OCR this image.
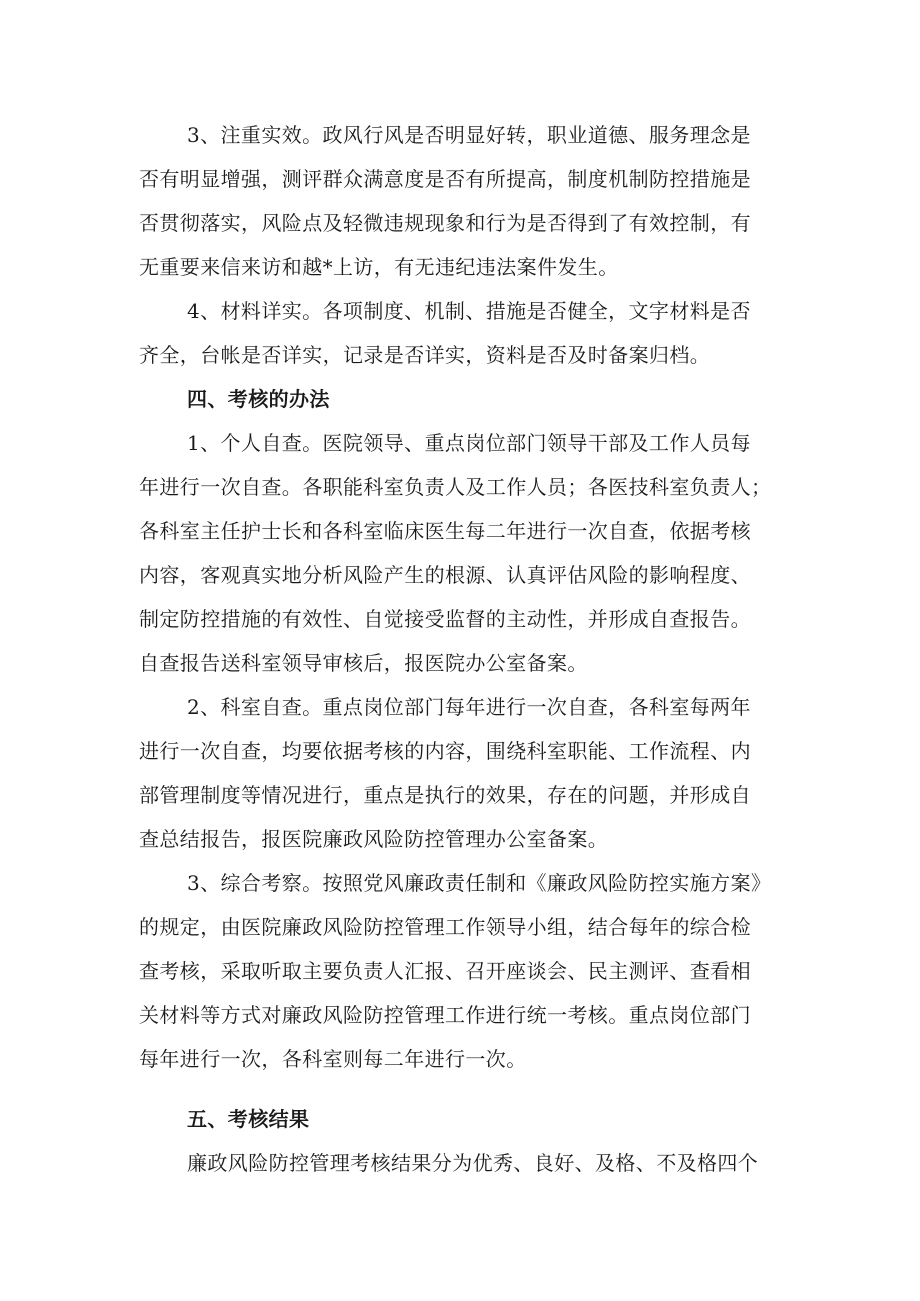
3、注重实效。政风行风是否明显好转，职业道德、服务理念是
否有明显增强，测评群众满意度是否有所提高，制度机制防控措施是
否贯彻落实，风险点及轻微违规现象和行为是否得到了有效控制，有
无重要来信来访和越*上访，有无违纪违法案件发生。
4、材料详实。各项制度、机制、措施是否健全，文字材料是否
齐全，台帐是否详实，记录是否详实，资料是否及时备案归档。
四、考核的办法
1、个人自查。医院领导、重点岗位部门领导干部及工作人员每
年进行一次自查。各职能科室负责人及工作人员；各医技科室负责人；
各科室主任护士长和各科室临床医生每二年进行一次自查，依据考核
内容，客观真实地分析风险产生的根源、认真评估风险的影响程度、
制定防控措施的有效性、自觉接受监督的主动性，并形成自查报告。
自查报告送科室领导审核后，报医院办公室备案。
2、科室自查。重点岗位部门每年进行一次自查，各科室每两年
进行一次自查，均要依据考核的内容，围绕科室职能、工作流程、内
部管理制度等情况进行，重点是执行的效果，存在的问题，并形成自
查总结报告，报医院廉政风险防控管理办公室备案。
3、综合考察。按照党风廉政责任制和《廉政风险防控实施方案》
的规定，由医院廉政风险防控管理工作领导小组，结合每年的综合检
查考核，采取听取主要负责人汇报、召开座谈会、民主测评、查看相
关材料等方式对廉政风险防控管理工作进行统一考核。重点岗位部门
每年进行一次，各科室则每二年进行一次。
五、考核结果
廉政风险防控管理考核结果分为优秀、良好、及格、不及格四个
